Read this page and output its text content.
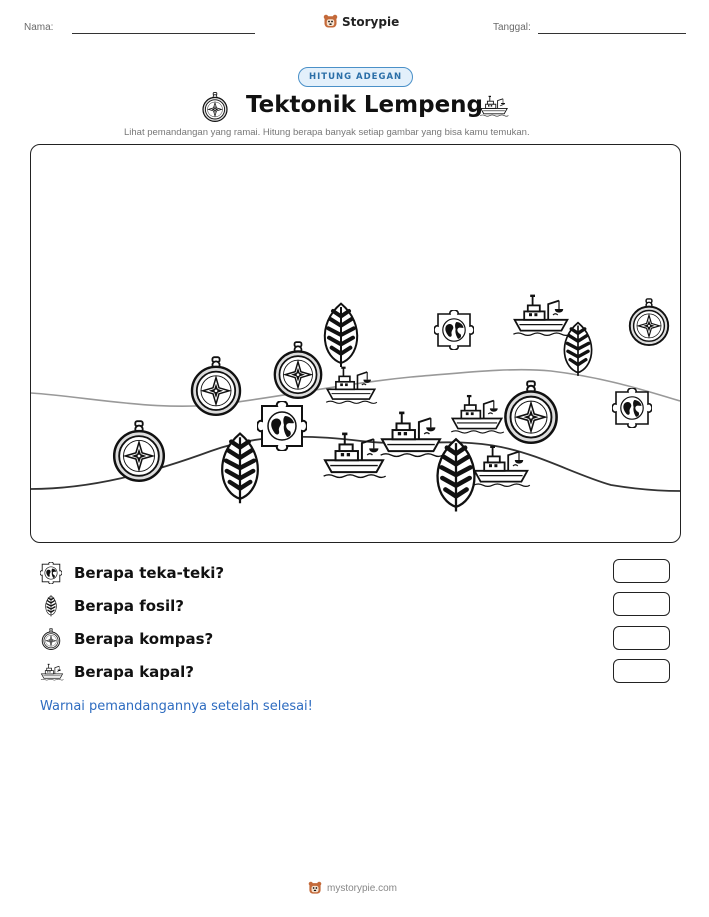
Nama:	Storypie	Tanggal:
HITUNG ADEGAN
Tektonik Lempeng
Lihat pemandangan yang ramai. Hitung berapa banyak setiap gambar yang bisa kamu temukan.
Berapa teka-teki?
Berapa fosil?
Berapa kompas?
Berapa kapal?
Warnai pemandangannya setelah selesai!
mystorypie.com
